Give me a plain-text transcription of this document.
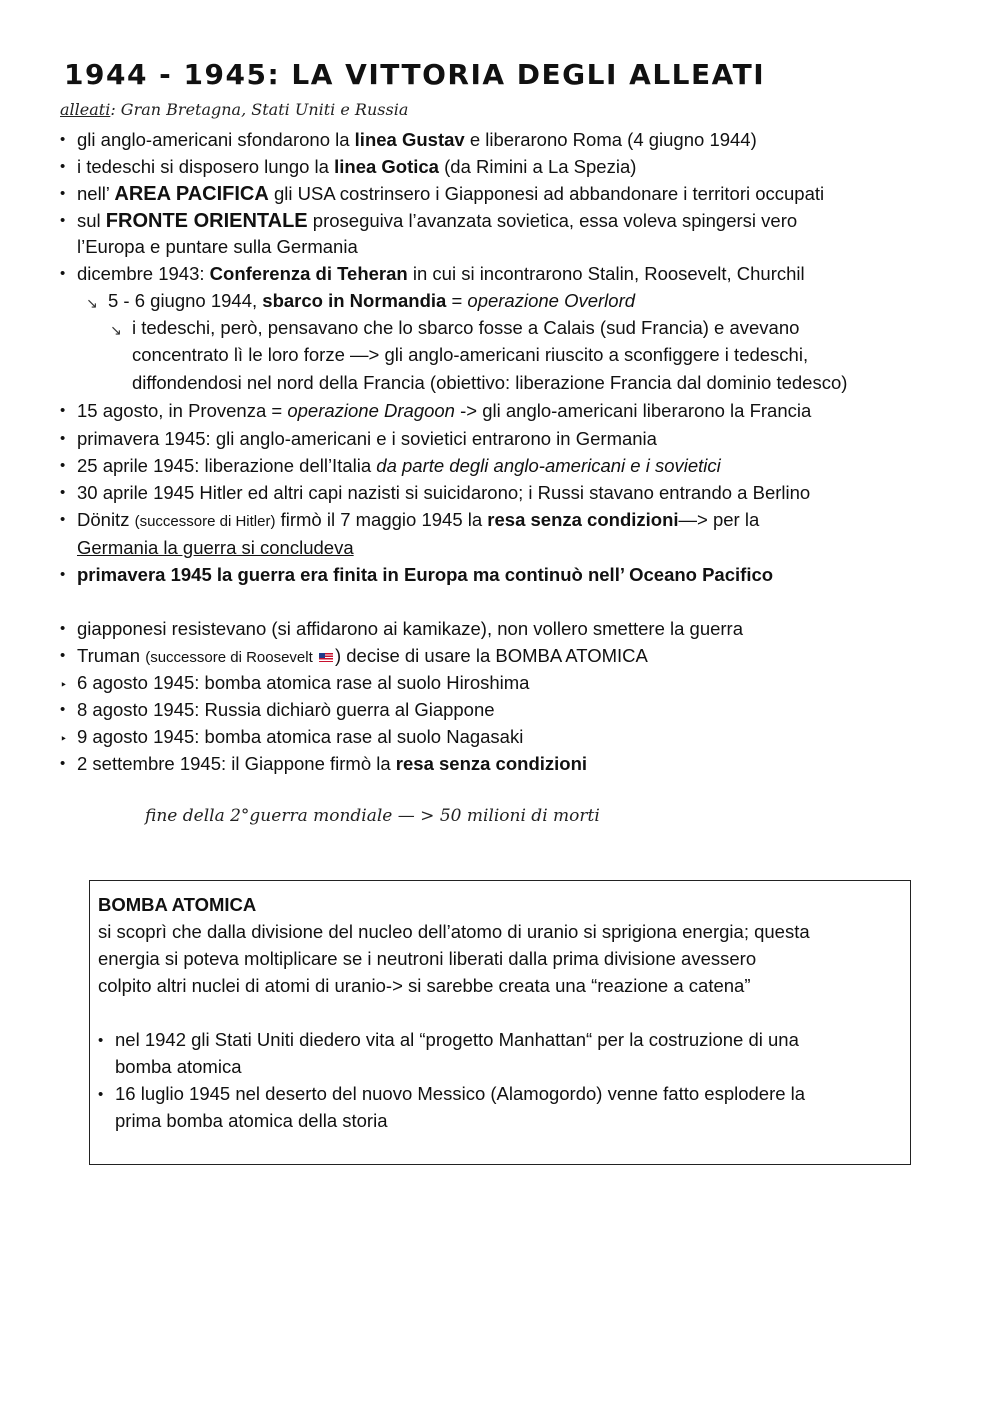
1944 - 1945: LA VITTORIA DEGLI ALLEATI

alleati: Gran Bretagna, Stati Uniti e Russia

• gli anglo-americani sfondarono la linea Gustav e liberarono Roma (4 giugno 1944)
• i tedeschi si disposero lungo la linea Gotica (da Rimini a La Spezia)
• nell’ AREA PACIFICA gli USA costrinsero i Giapponesi ad abbandonare i territori occupati
• sul FRONTE ORIENTALE proseguiva l’avanzata sovietica, essa voleva spingersi vero
l’Europa e puntare sulla Germania
• dicembre 1943: Conferenza di Teheran in cui si incontrarono Stalin, Roosevelt, Churchil
↘ 5 - 6 giugno 1944, sbarco in Normandia = operazione Overlord
↘ i tedeschi, però, pensavano che lo sbarco fosse a Calais (sud Francia) e avevano
concentrato lì le loro forze —> gli anglo-americani riuscito a sconfiggere i tedeschi,
diffondendosi nel nord della Francia (obiettivo: liberazione Francia dal dominio tedesco)
• 15 agosto, in Provenza = operazione Dragoon -> gli anglo-americani liberarono la Francia
• primavera 1945: gli anglo-americani e i sovietici entrarono in Germania
• 25 aprile 1945: liberazione dell’Italia da parte degli anglo-americani e i sovietici
• 30 aprile 1945 Hitler ed altri capi nazisti si suicidarono; i Russi stavano entrando a Berlino
• Dönitz (successore di Hitler) firmò il 7 maggio 1945 la resa senza condizioni—> per la
Germania la guerra si concludeva
• primavera 1945 la guerra era finita in Europa ma continuò nell’ Oceano Pacifico
• giapponesi resistevano (si affidarono ai kamikaze), non vollero smettere la guerra
• Truman (successore di Roosevelt ) decise di usare la BOMBA ATOMICA
‣ 6 agosto 1945: bomba atomica rase al suolo Hiroshima
• 8 agosto 1945: Russia dichiarò guerra al Giappone
‣ 9 agosto 1945: bomba atomica rase al suolo Nagasaki
• 2 settembre 1945: il Giappone firmò la resa senza condizioni
fine della 2°guerra mondiale — > 50 milioni di morti
BOMBA ATOMICA
si scoprì che dalla divisione del nucleo dell’atomo di uranio si sprigiona energia; questa
energia si poteva moltiplicare se i neutroni liberati dalla prima divisione avessero
colpito altri nuclei di atomi di uranio-> si sarebbe creata una “reazione a catena”
• nel 1942 gli Stati Uniti diedero vita al “progetto Manhattan“ per la costruzione di una
bomba atomica
• 16 luglio 1945 nel deserto del nuovo Messico (Alamogordo) venne fatto esplodere la
prima bomba atomica della storia
